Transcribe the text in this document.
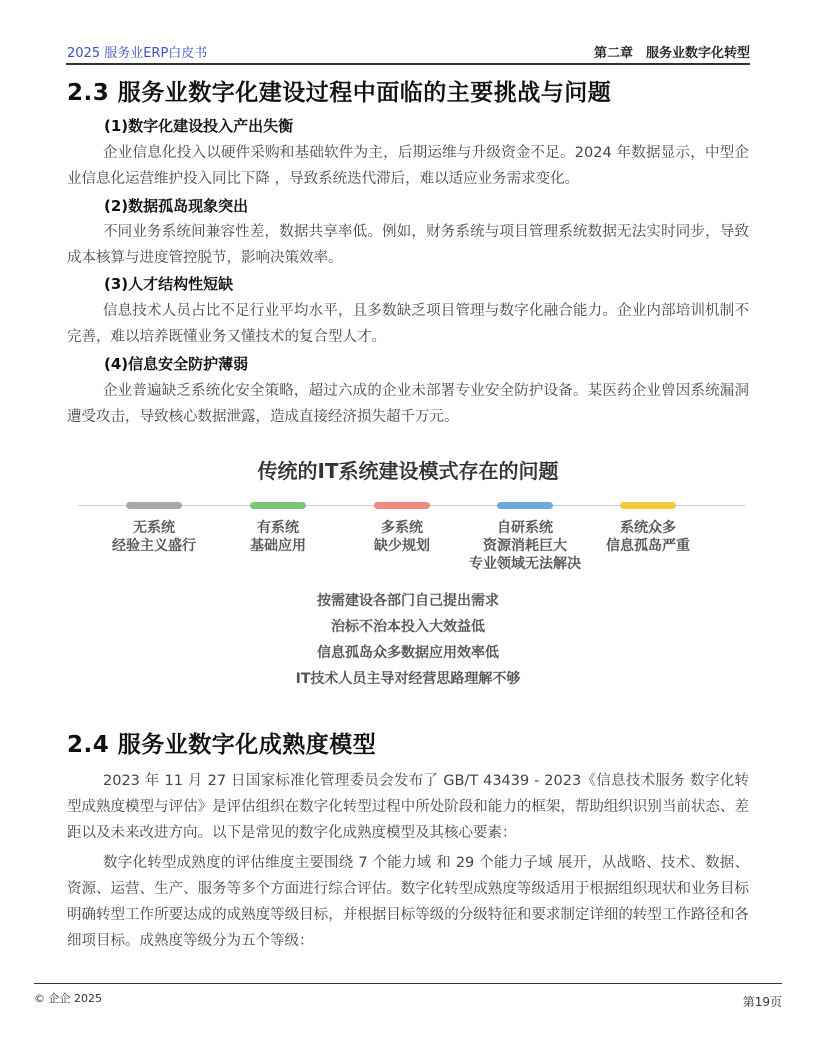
2025 服务业ERP白皮书	第二章　服务业数字化转型
2.3 服务业数字化建设过程中面临的主要挑战与问题
(1)数字化建设投入产出失衡

企业信息化投入以硬件采购和基础软件为主，后期运维与升级资金不足。2024 年数据显示，中型企业信息化运营维护投入同比下降 ，导致系统迭代滞后，难以适应业务需求变化。

(2)数据孤岛现象突出

不同业务系统间兼容性差，数据共享率低。例如，财务系统与项目管理系统数据无法实时同步，导致成本核算与进度管控脱节，影响决策效率。

(3)人才结构性短缺

信息技术人员占比不足行业平均水平，且多数缺乏项目管理与数字化融合能力。企业内部培训机制不完善，难以培养既懂业务又懂技术的复合型人才。

(4)信息安全防护薄弱

企业普遍缺乏系统化安全策略，超过六成的企业未部署专业安全防护设备。某医药企业曾因系统漏洞遭受攻击，导致核心数据泄露，造成直接经济损失超千万元。

传统的IT系统建设模式存在的问题
无系统
经验主义盛行
有系统
基础应用
多系统
缺少规划
自研系统
资源消耗巨大
专业领域无法解决
系统众多
信息孤岛严重
按需建设各部门自己提出需求
治标不治本投入大效益低
信息孤岛众多数据应用效率低
IT技术人员主导对经营思路理解不够
2.4 服务业数字化成熟度模型

2023 年 11 月 27 日国家标准化管理委员会发布了 GB/T 43439 - 2023《信息技术服务 数字化转型成熟度模型与评估》是评估组织在数字化转型过程中所处阶段和能力的框架，帮助组织识别当前状态、差距以及未来改进方向。以下是常见的数字化成熟度模型及其核心要素：

数字化转型成熟度的评估维度主要围绕 7 个能力域 和 29 个能力子域 展开，从战略、技术、数据、资源、运营、生产、服务等多个方面进行综合评估。数字化转型成熟度等级适用于根据组织现状和业务目标明确转型工作所要达成的成熟度等级目标，并根据目标等级的分级特征和要求制定详细的转型工作路径和各细项目标。成熟度等级分为五个等级：

© 企企 2025	第19页
